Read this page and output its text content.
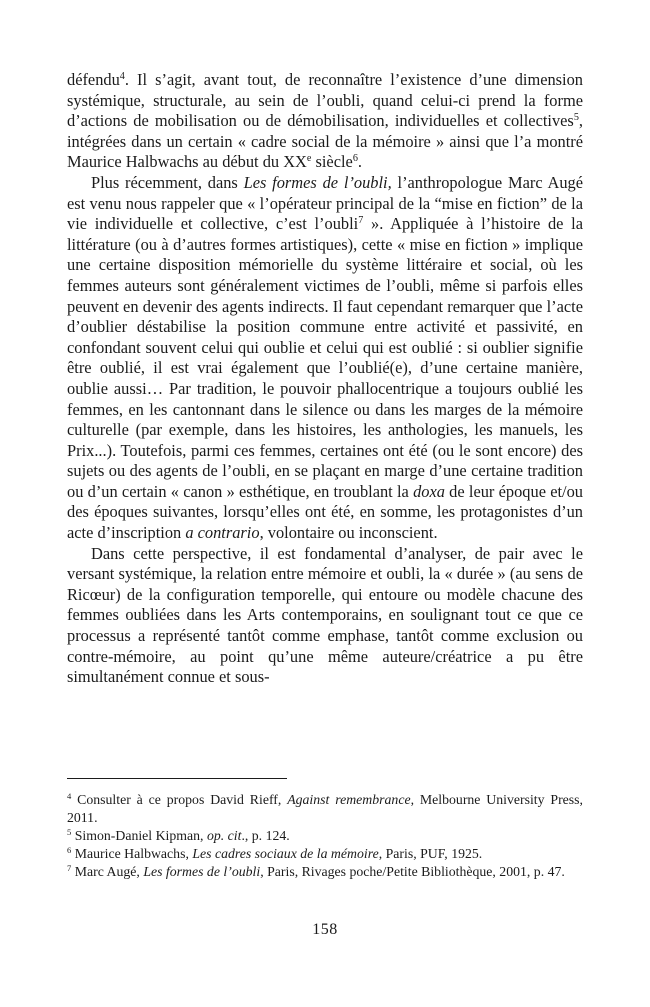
défendu$^4$. Il s’agit, avant tout, de reconnaître l’existence d’une dimension systémique, structurale, au sein de l’oubli, quand celui-ci prend la forme d’actions de mobilisation ou de démobilisation, individuelles et collectives$^5$, intégrées dans un certain « cadre social de la mémoire » ainsi que l’a montré Maurice Halbwachs au début du XXe siècle$^6$.

Plus récemment, dans Les formes de l’oubli, l’anthropologue Marc Augé est venu nous rappeler que « l’opérateur principal de la “mise en fiction” de la vie individuelle et collective, c’est l’oubli$^7$ ». Appliquée à l’histoire de la littérature (ou à d’autres formes artistiques), cette « mise en fiction » implique une certaine disposition mémorielle du système littéraire et social, où les femmes auteurs sont généralement victimes de l’oubli, même si parfois elles peuvent en devenir des agents indirects. Il faut cependant remarquer que l’acte d’oublier déstabilise la position commune entre activité et passivité, en confondant souvent celui qui oublie et celui qui est oublié : si oublier signifie être oublié, il est vrai également que l’oublié(e), d’une certaine manière, oublie aussi… Par tradition, le pouvoir phallocentrique a toujours oublié les femmes, en les cantonnant dans le silence ou dans les marges de la mémoire culturelle (par exemple, dans les histoires, les anthologies, les manuels, les Prix...). Toutefois, parmi ces femmes, certaines ont été (ou le sont encore) des sujets ou des agents de l’oubli, en se plaçant en marge d’une certaine tradition ou d’un certain « canon » esthétique, en troublant la doxa de leur époque et/ou des époques suivantes, lorsqu’elles ont été, en somme, les protagonistes d’un acte d’inscription a contrario, volontaire ou inconscient.

Dans cette perspective, il est fondamental d’analyser, de pair avec le versant systémique, la relation entre mémoire et oubli, la « durée » (au sens de Ricœur) de la configuration temporelle, qui entoure ou modèle chacune des femmes oubliées dans les Arts contemporains, en soulignant tout ce que ce processus a représenté tantôt comme emphase, tantôt comme exclusion ou contre-mémoire, au point qu’une même auteure/créatrice a pu être simultanément connue et sous-

$^4$ Consulter à ce propos David Rieff, Against remembrance, Melbourne University Press, 2011.

$^5$ Simon-Daniel Kipman, op. cit., p. 124.

$^6$ Maurice Halbwachs, Les cadres sociaux de la mémoire, Paris, PUF, 1925.

$^7$ Marc Augé, Les formes de l’oubli, Paris, Rivages poche/Petite Bibliothèque, 2001, p. 47.

158
